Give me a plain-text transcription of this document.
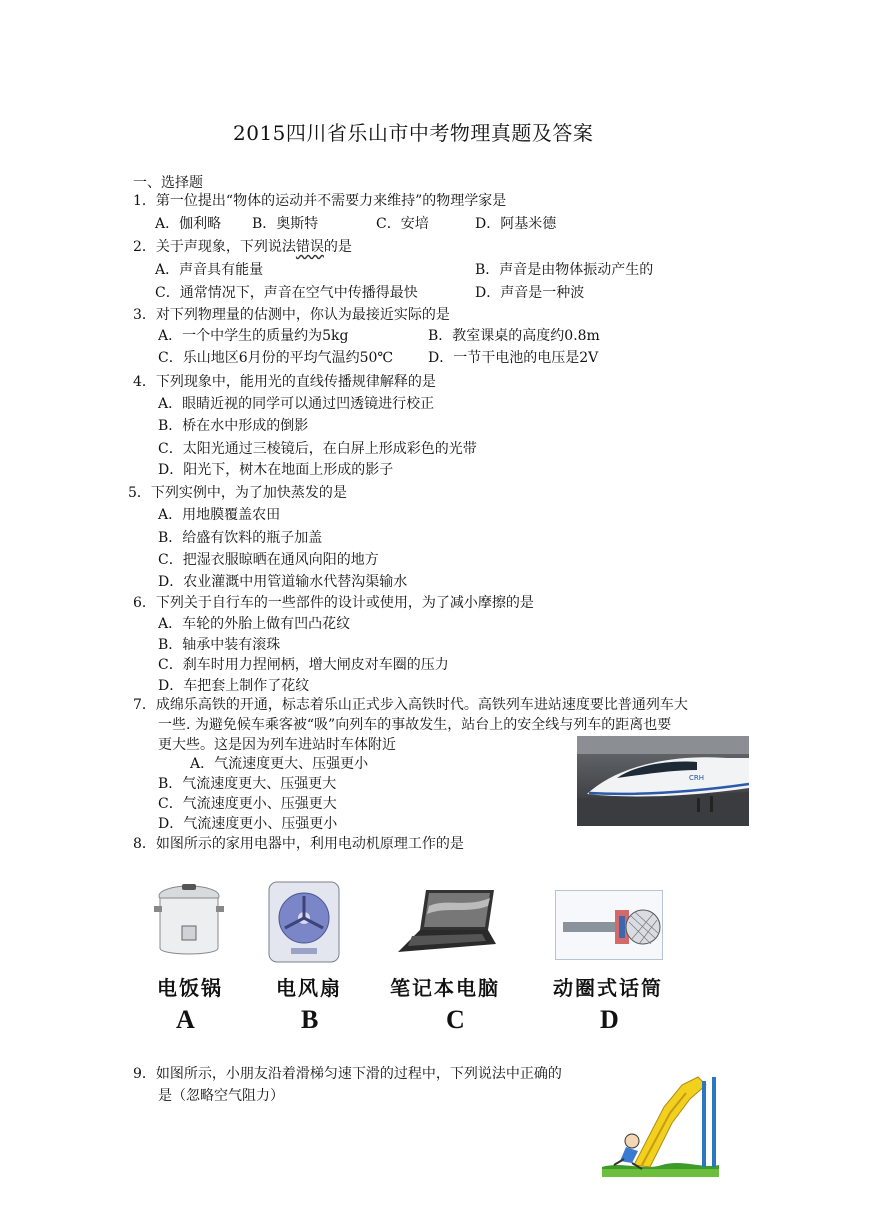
2015四川省乐山市中考物理真题及答案
一、选择题
1．第一位提出“物体的运动并不需要力来维持”的物理学家是
A．伽利略 B．奥斯特	C．安培	D．阿基米德
2．关于声现象，下列说法错误的是
A．声音具有能量	B．声音是由物体振动产生的
C．通常情况下，声音在空气中传播得最快	D．声音是一种波
3．对下列物理量的估测中，你认为最接近实际的是
A．一个中学生的质量约为5kg	B．教室课桌的高度约0.8m
C．乐山地区6月份的平均气温约50℃ D．一节干电池的电压是2V
4．下列现象中，能用光的直线传播规律解释的是
A．眼睛近视的同学可以通过凹透镜进行校正
B．桥在水中形成的倒影
C．太阳光通过三棱镜后，在白屏上形成彩色的光带
D．阳光下，树木在地面上形成的影子
5．下列实例中，为了加快蒸发的是
A．用地膜覆盖农田
B．给盛有饮料的瓶子加盖
C．把湿衣服晾晒在通风向阳的地方
D．农业灌溉中用管道输水代替沟渠输水
6．下列关于自行车的一些部件的设计或使用，为了减小摩擦的是
A．车轮的外胎上做有凹凸花纹
B．轴承中装有滚珠
C．刹车时用力捏闸柄，增大闸皮对车圈的压力
D．车把套上制作了花纹
7．成绵乐高铁的开通，标志着乐山正式步入高铁时代。高铁列车进站速度要比普通列车大
一些. 为避免候车乘客被“吸”向列车的事故发生，站台上的安全线与列车的距离也要
更大些。这是因为列车进站时车体附近
A．气流速度更大、压强更小
B．气流速度更大、压强更大
C．气流速度更小、压强更大
D．气流速度更小、压强更小
CRH
8．如图所示的家用电器中，利用电动机原理工作的是
电饭锅	电风扇 笔记本电脑	动圈式话筒
A	B	C	D
9．如图所示，小朋友沿着滑梯匀速下滑的过程中，下列说法中正确的
是（忽略空气阻力）
